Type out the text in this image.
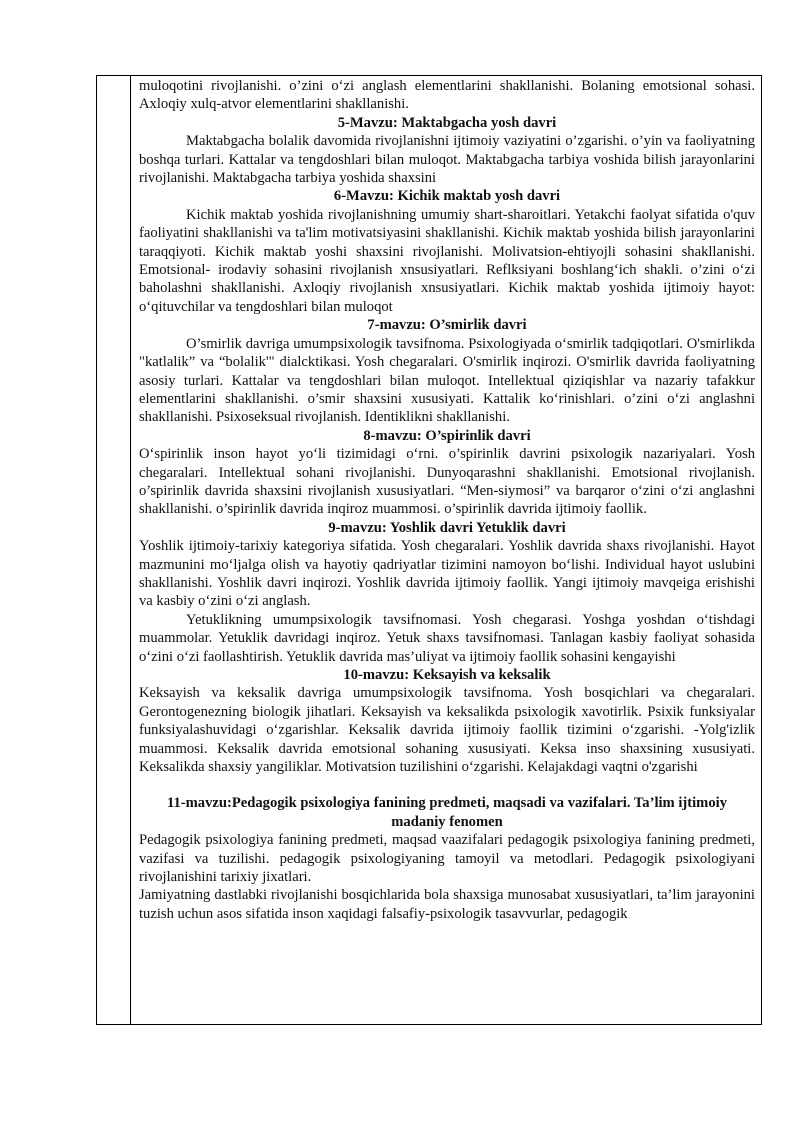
muloqotini rivojlanishi. o’zini o‘zi anglash elementlarini shakllanishi. Bolaning emotsional sohasi. Axloqiy xulq-atvor elementlarini shakllanishi.

5-Mavzu: Maktabgacha yosh davri

Maktabgacha bolalik davomida rivojlanishni ijtimoiy vaziyatini o’zgarishi. o’yin va faoliyatning boshqa turlari. Kattalar va tengdoshlari bilan muloqot. Maktabgacha tarbiya voshida bilish jarayonlarini rivojlanishi. Maktabgacha tarbiya yoshida shaxsini

6-Mavzu: Kichik maktab yosh davri

Kichik maktab yoshida rivojlanishning umumiy shart-sharoitlari. Yetakchi faolyat sifatida o'quv faoliyatini shakllanishi va ta'lim motivatsiyasini shakllanishi. Kichik maktab yoshida bilish jarayonlarini taraqqiyoti. Kichik maktab yoshi shaxsini rivojlanishi. Molivatsion-ehtiyojli sohasini shakllanishi. Emotsional- irodaviy sohasini rivojlanish xnsusiyatlari. Reflksiyani boshlang‘ich shakli. o’zini o‘zi baholashni shakllanishi. Axloqiy rivojlanish xnsusiyatlari. Kichik maktab yoshida ijtimoiy hayot: o‘qituvchilar va tengdoshlari bilan muloqot

7-mavzu: O’smirlik davri

O’smirlik davriga umumpsixologik tavsifnoma. Psixologiyada o‘smirlik tadqiqotlari. O'smirlikda "katlalik” va “bolalik'" dialcktikasi. Yosh chegaralari. O'smirlik inqirozi. O'smirlik davrida faoliyatning asosiy turlari. Kattalar va tengdoshlari bilan muloqot. Intellektual qiziqishlar va nazariy tafakkur elementlarini shakllanishi. o’smir shaxsini xususiyati. Kattalik ko‘rinishlari. o’zini o‘zi anglashni shakllanishi. Psixoseksual rivojlanish. Identiklikni shakllanishi.

8-mavzu: O’spirinlik davri

O‘spirinlik inson hayot yo‘li tizimidagi o‘rni. o’spirinlik davrini psixologik nazariyalari. Yosh chegaralari. Intellektual sohani rivojlanishi. Dunyoqarashni shakllanishi. Emotsional rivojlanish. o’spirinlik davrida shaxsini rivojlanish xususiyatlari. “Men-siymosi” va barqaror o‘zini o‘zi anglashni shakllanishi. o’spirinlik davrida inqiroz muammosi. o’spirinlik davrida ijtimoiy faollik.

9-mavzu: Yoshlik davri Yetuklik davri

Yoshlik ijtimoiy-tarixiy kategoriya sifatida. Yosh chegaralari. Yoshlik davrida shaxs rivojlanishi. Hayot mazmunini mo‘ljalga olish va hayotiy qadriyatlar tizimini namoyon bo‘lishi. Individual hayot uslubini shakllanishi. Yoshlik davri inqirozi. Yoshlik davrida ijtimoiy faollik. Yangi ijtimoiy mavqeiga erishishi va kasbiy o‘zini o‘zi anglash.

Yetuklikning umumpsixologik tavsifnomasi. Yosh chegarasi. Yoshga yoshdan o‘tishdagi muammolar. Yetuklik davridagi inqiroz. Yetuk shaxs tavsifnomasi. Tanlagan kasbiy faoliyat sohasida o‘zini o‘zi faollashtirish. Yetuklik davrida mas’uliyat va ijtimoiy faollik sohasini kengayishi

10-mavzu: Keksayish va keksalik

Keksayish va keksalik davriga umumpsixologik tavsifnoma. Yosh bosqichlari va chegaralari. Gerontogenezning biologik jihatlari. Keksayish va keksalikda psixologik xavotirlik. Psixik funksiyalar funksiyalashuvidagi o‘zgarishlar. Keksalik davrida ijtimoiy faollik tizimini o‘zgarishi. -Yolg'izlik muammosi. Keksalik davrida emotsional sohaning xususiyati. Keksa inso shaxsining xususiyati. Keksalikda shaxsiy yangiliklar. Motivatsion tuzilishini o‘zgarishi. Kelajakdagi vaqtni o'zgarishi

11-mavzu:Pedagogik psixologiya fanining predmeti, maqsadi va vazifalari. Ta’lim ijtimoiy madaniy fenomen

Pedagogik psixologiya fanining predmeti, maqsad vaazifalari pedagogik psixologiya fanining predmeti, vazifasi va tuzilishi. pedagogik psixologiyaning tamoyil va metodlari. Pedagogik psixologiyani rivojlanishini tarixiy jixatlari.

Jamiyatning dastlabki rivojlanishi bosqichlarida bola shaxsiga munosabat xususiyatlari, ta’lim jarayonini tuzish uchun asos sifatida inson xaqidagi falsafiy-psixologik tasavvurlar, pedagogik
